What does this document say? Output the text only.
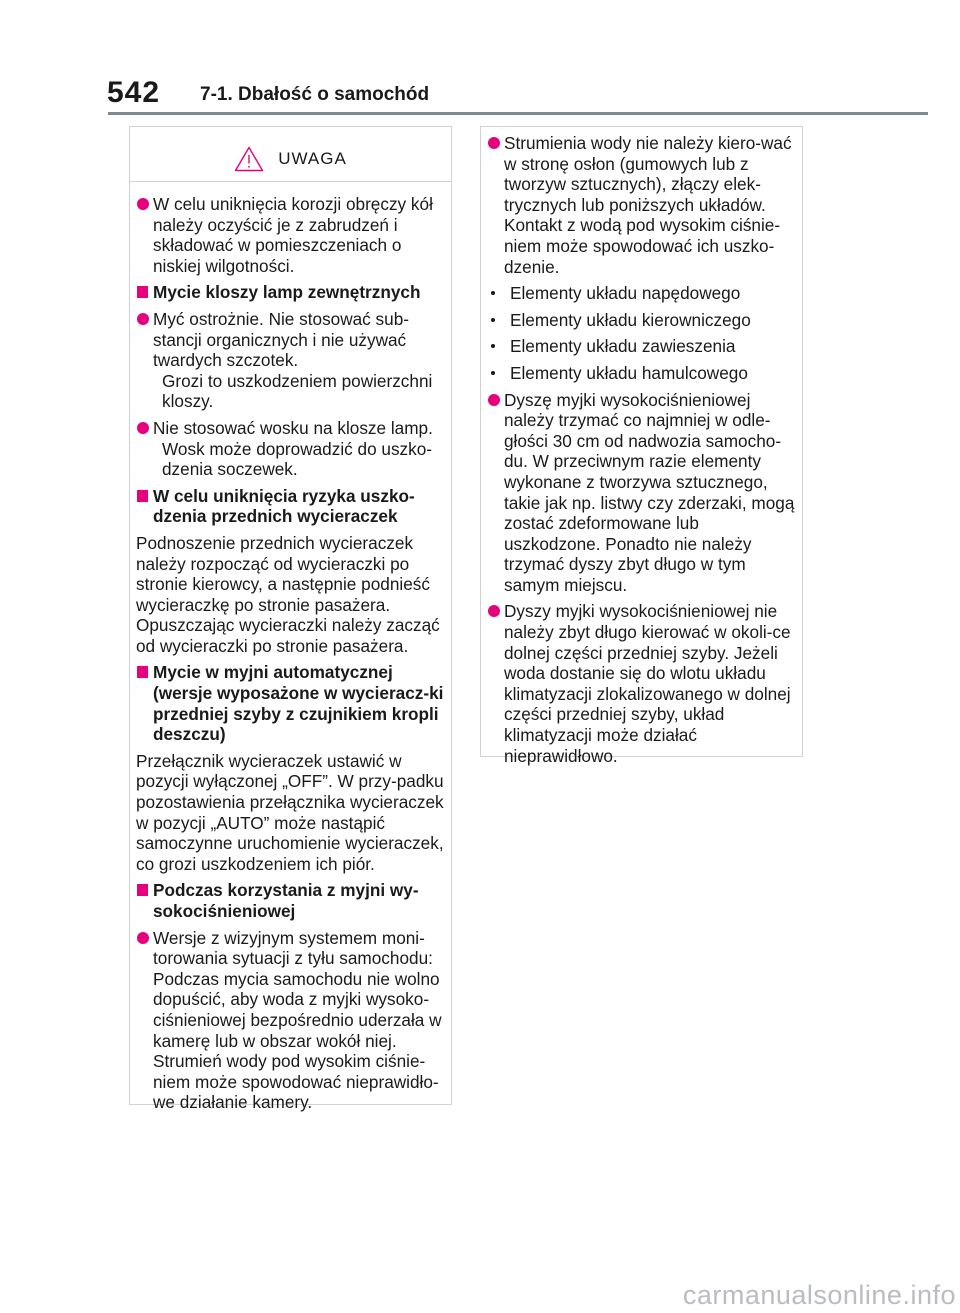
542 7-1. Dbałość o samochód
UWAGA
W celu uniknięcia korozji obręczy kół należy oczyścić je z zabrudzeń i składować w pomieszczeniach o niskiej wilgotności.
Mycie kloszy lamp zewnętrznych
Myć ostrożnie. Nie stosować sub-stancji organicznych i nie używać twardych szczotek.
Grozi to uszkodzeniem powierzchni kloszy.
Nie stosować wosku na klosze lamp.
Wosk może doprowadzić do uszko-dzenia soczewek.
W celu uniknięcia ryzyka uszko-dzenia przednich wycieraczek
Podnoszenie przednich wycieraczek należy rozpocząć od wycieraczki po stronie kierowcy, a następnie podnieść wycieraczkę po stronie pasażera. Opuszczając wycieraczki należy zacząć od wycieraczki po stronie pasażera.
Mycie w myjni automatycznej (wersje wyposażone w wycieracz-ki przedniej szyby z czujnikiem kropli deszczu)
Przełącznik wycieraczek ustawić w pozycji wyłączonej „OFF”. W przy-padku pozostawienia przełącznika wycieraczek w pozycji „AUTO” może nastąpić samoczynne uruchomienie wycieraczek, co grozi uszkodzeniem ich piór.
Podczas korzystania z myjni wy-sokociśnieniowej
Wersje z wizyjnym systemem moni-torowania sytuacji z tyłu samochodu: Podczas mycia samochodu nie wolno dopuścić, aby woda z myjki wysoko-ciśnieniowej bezpośrednio uderzała w kamerę lub w obszar wokół niej. Strumień wody pod wysokim ciśnie-niem może spowodować nieprawidło-we działanie kamery.
Strumienia wody nie należy kiero-wać w stronę osłon (gumowych lub z tworzyw sztucznych), złączy elek-trycznych lub poniższych układów. Kontakt z wodą pod wysokim ciśnie-niem może spowodować ich uszko-dzenie.
Elementy układu napędowego
Elementy układu kierowniczego
Elementy układu zawieszenia
Elementy układu hamulcowego
Dyszę myjki wysokociśnieniowej należy trzymać co najmniej w odle-głości 30 cm od nadwozia samocho-du. W przeciwnym razie elementy wykonane z tworzywa sztucznego, takie jak np. listwy czy zderzaki, mogą zostać zdeformowane lub uszkodzone. Ponadto nie należy trzymać dyszy zbyt długo w tym samym miejscu.
Dyszy myjki wysokociśnieniowej nie należy zbyt długo kierować w okoli-ce dolnej części przedniej szyby. Jeżeli woda dostanie się do wlotu układu klimatyzacji zlokalizowanego w dolnej części przedniej szyby, układ klimatyzacji może działać nieprawidłowo.
carmanualsonline.info
